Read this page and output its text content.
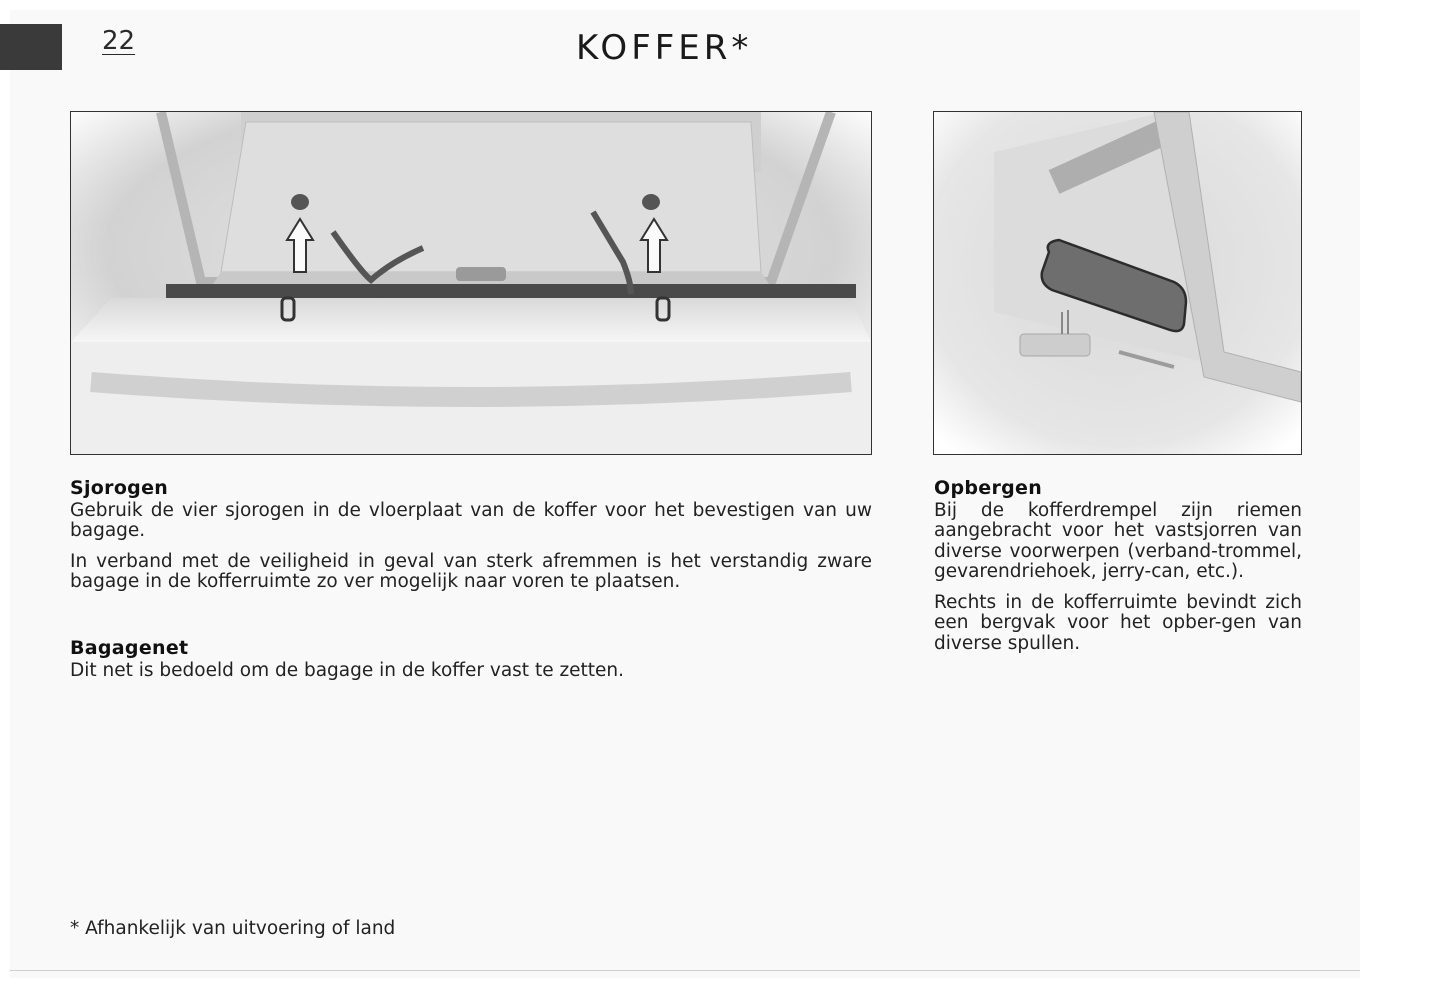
22	KOFFER*
Sjorogen

Gebruik de vier sjorogen in de vloerplaat van de koffer voor het bevestigen van uw bagage.

In verband met de veiligheid in geval van sterk afremmen is het verstandig zware bagage in de kofferruimte zo ver mogelijk naar voren te plaatsen.

Bagagenet

Dit net is bedoeld om de bagage in de koffer vast te zetten.

Opbergen

Bij de kofferdrempel zijn riemen aangebracht voor het vastsjorren van diverse voorwerpen (verband-trommel, gevarendriehoek, jerry-can, etc.).

Rechts in de kofferruimte bevindt zich een bergvak voor het opber-gen van diverse spullen.

* Afhankelijk van uitvoering of land
